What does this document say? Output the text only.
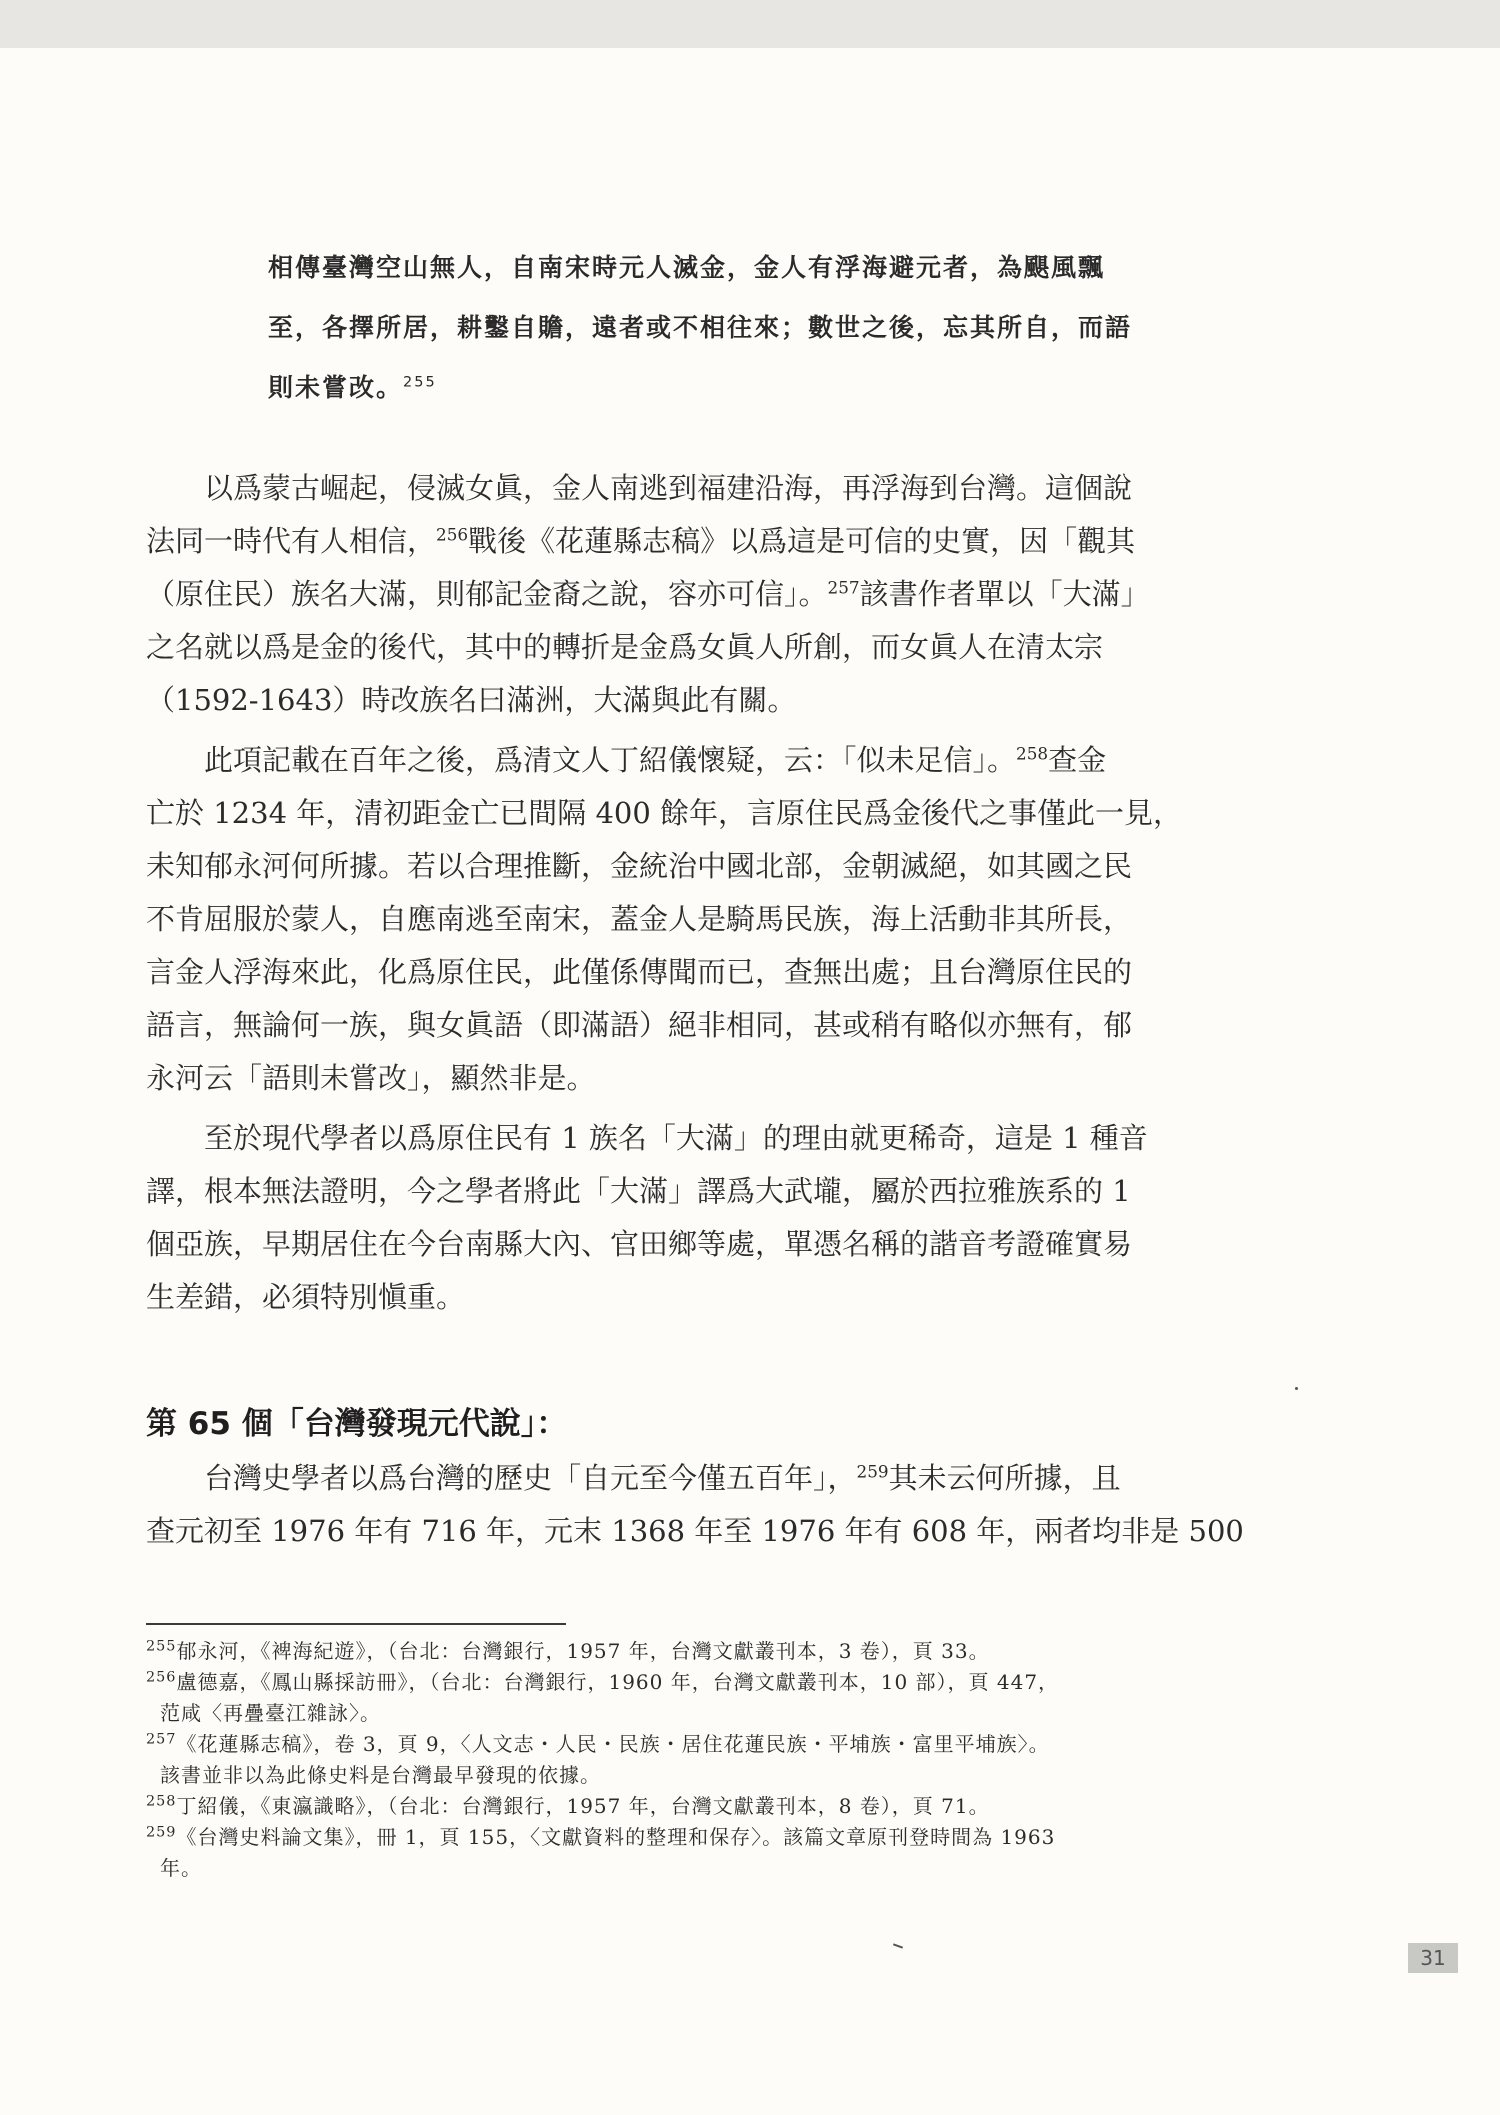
相傳臺灣空山無人，自南宋時元人滅金，金人有浮海避元者，為颶風飄
至，各擇所居，耕鑿自贍，遠者或不相往來；數世之後，忘其所自，而語
則未嘗改。$^{255}$
以爲蒙古崛起，侵滅女眞，金人南逃到福建沿海，再浮海到台灣。這個說
法同一時代有人相信，$^{256}$戰後《花蓮縣志稿》以爲這是可信的史實，因「觀其
（原住民）族名大滿，則郁記金裔之說，容亦可信」。$^{257}$該書作者單以「大滿」
之名就以爲是金的後代，其中的轉折是金爲女眞人所創，而女眞人在清太宗
（1592-1643）時改族名曰滿洲，大滿與此有關。
此項記載在百年之後，爲清文人丁紹儀懷疑，云：「似未足信」。$^{258}$查金
亡於 1234 年，清初距金亡已間隔 400 餘年，言原住民爲金後代之事僅此一見，
未知郁永河何所據。若以合理推斷，金統治中國北部，金朝滅絕，如其國之民
不肯屈服於蒙人，自應南逃至南宋，蓋金人是騎馬民族，海上活動非其所長，
言金人浮海來此，化爲原住民，此僅係傳聞而已，查無出處；且台灣原住民的
語言，無論何一族，與女眞語（即滿語）絕非相同，甚或稍有略似亦無有，郁
永河云「語則未嘗改」，顯然非是。
至於現代學者以爲原住民有 1 族名「大滿」的理由就更稀奇，這是 1 種音
譯，根本無法證明，今之學者將此「大滿」譯爲大武壠，屬於西拉雅族系的 1
個亞族，早期居住在今台南縣大內、官田鄉等處，單憑名稱的諧音考證確實易
生差錯，必須特別愼重。
第 65 個「台灣發現元代說」：
台灣史學者以爲台灣的歷史「自元至今僅五百年」，$^{259}$其未云何所據，且
查元初至 1976 年有 716 年，元末 1368 年至 1976 年有 608 年，兩者均非是 500
$^{255}$郁永河，《裨海紀遊》，（台北：台灣銀行，1957 年，台灣文獻叢刊本，3 卷），頁 33。
$^{256}$盧德嘉，《鳳山縣採訪冊》，（台北：台灣銀行，1960 年，台灣文獻叢刊本，10 部），頁 447，
范咸〈再疊臺江雜詠〉。
$^{257}$《花蓮縣志稿》，卷 3，頁 9，〈人文志・人民・民族・居住花蓮民族・平埔族・富里平埔族〉。
該書並非以為此條史料是台灣最早發現的依據。
$^{258}$丁紹儀，《東瀛識略》，（台北：台灣銀行，1957 年，台灣文獻叢刊本，8 卷），頁 71。
$^{259}$《台灣史料論文集》，冊 1，頁 155，〈文獻資料的整理和保存〉。該篇文章原刊登時間為 1963
年。
31
